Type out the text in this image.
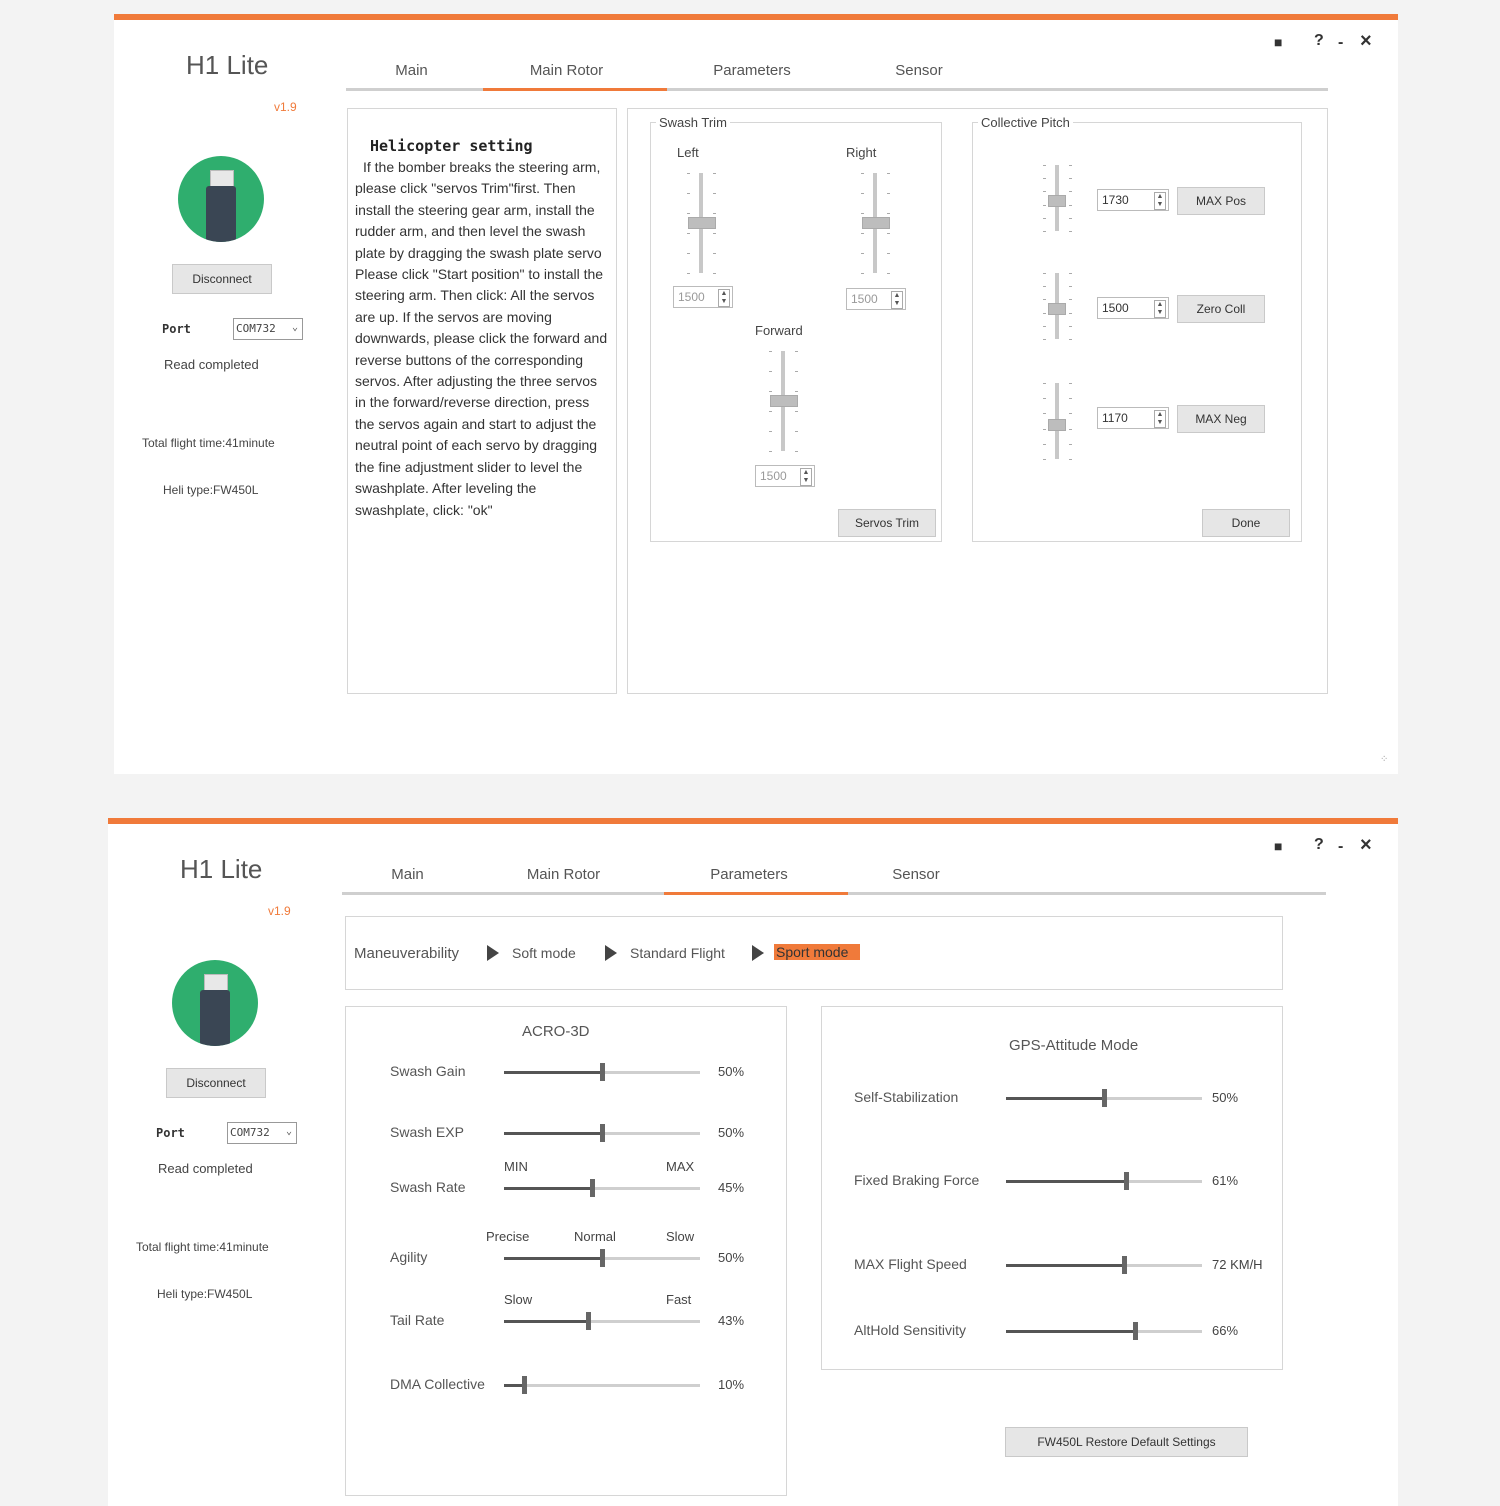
H1 Lite
v1.9
■ ? - ×
Disconnect
Port	COM732 ⌄
Read completed
Total flight time:41minute
Heli type:FW450L
Main	Main Rotor	Parameters	Sensor
Helicopter setting
If the bomber breaks the steering arm, please click "servos Trim"first. Then install the steering gear arm, install the rudder arm, and then level the swash plate by dragging the swash plate servo Please click "Start position" to install the steering arm. Then click: All the servos are up. If the servos are moving downwards, please click the forward and reverse buttons of the corresponding servos. After adjusting the three servos in the forward/reverse direction, press the servos again and start to adjust the neutral point of each servo by dragging the fine adjustment slider to level the swashplate. After leveling the swashplate, click: "ok"
Swash Trim
Left	Right
Forward
1500	▲
▼	1500	▲
▼
1500	▲
▼
Servos Trim
Collective Pitch
1730	▲
▼
1500	▲
▼
1170	▲
▼
MAX Pos
Zero Coll
MAX Neg
Done
⁘
H1 Lite
v1.9
■ ? - ×
Disconnect
Port	COM732 ⌄
Read completed
Total flight time:41minute
Heli type:FW450L
Main	Main Rotor	Parameters	Sensor
Maneuverability	Soft mode	Standard Flight	Sport mode
ACRO-3D
Swash Gain	50%
Swash EXP	50%
Swash Rate	45%
MIN	MAX
Agility	50%
Precise	Normal	Slow
Tail Rate	43%
Slow	Fast
DMA Collective	10%
GPS-Attitude Mode
Self-Stabilization	50%
Fixed Braking Force	61%
MAX Flight Speed	72 KM/H
AltHold Sensitivity	66%
FW450L Restore Default Settings
